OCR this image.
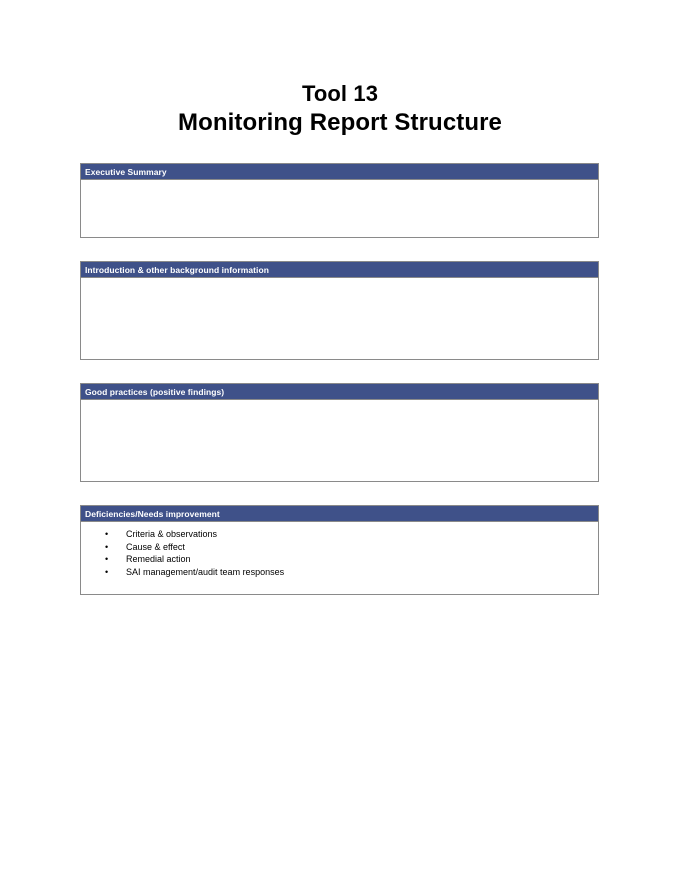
Tool 13
Monitoring Report Structure
Executive Summary
Introduction & other background information
Good practices (positive findings)
Deficiencies/Needs improvement
• Criteria & observations
• Cause & effect
• Remedial action
• SAI management/audit team responses
